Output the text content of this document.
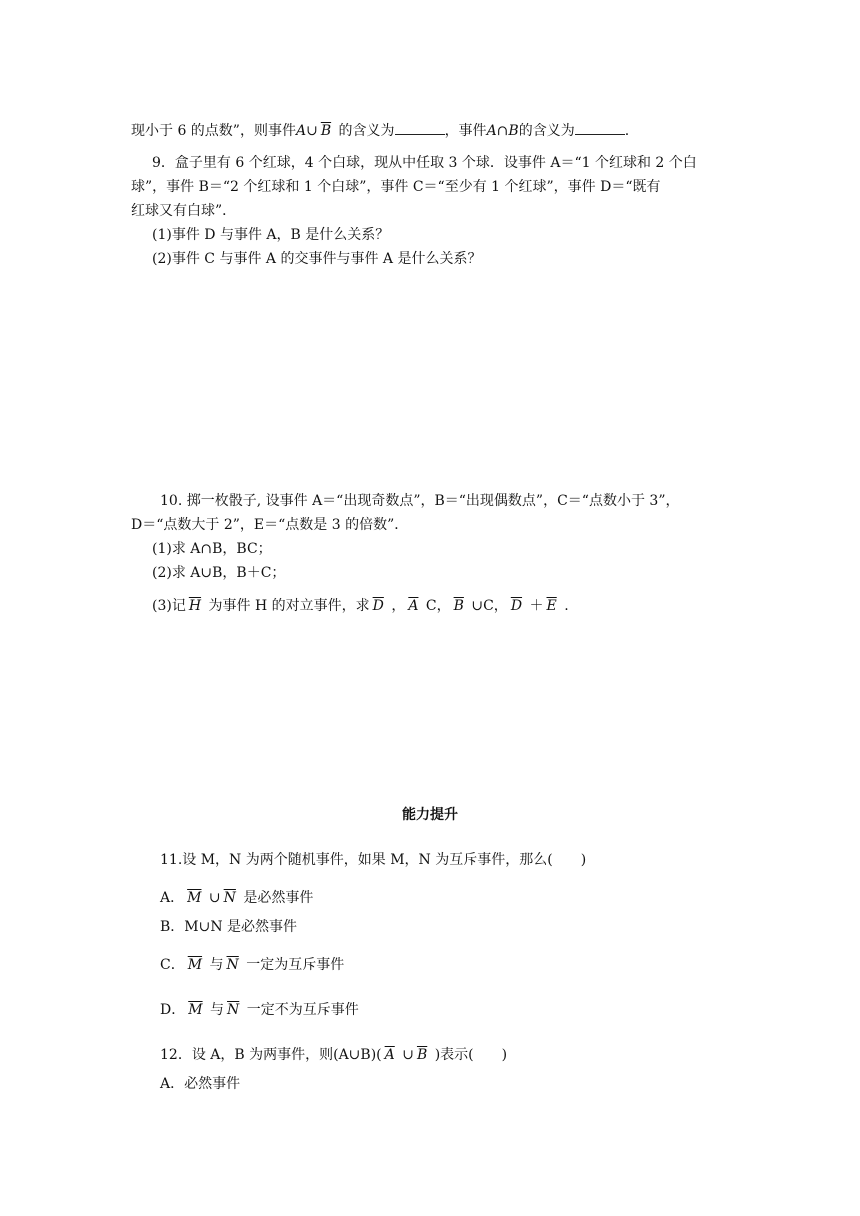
现小于 6 的点数”，则事件A∪ $\overline{B}$ 的含义为	，事件A∩B的含义为	.
9．盒子里有 6 个红球，4 个白球，现从中任取 3 个球．设事件 A＝“1 个红球和 2 个白
球”，事件 B＝“2 个红球和 1 个白球”，事件 C＝“至少有 1 个红球”，事件 D＝“既有
红球又有白球”．
(1)事件 D 与事件 A，B 是什么关系？
(2)事件 C 与事件 A 的交事件与事件 A 是什么关系？
10. 掷一枚骰子, 设事件 A＝“出现奇数点”，B＝“出现偶数点”，C＝“点数小于 3”，
D＝“点数大于 2”，E＝“点数是 3 的倍数”．
(1)求 A∩B，BC；
(2)求 A∪B，B＋C；
(3)记 $\overline{H}$ 为事件 H 的对立事件，求 $\overline{D}$ ， $\overline{A}$ C， $\overline{B}$ ∪C， $\overline{D} + \overline{E}$ .
能力提升
11.设 M，N 为两个随机事件，如果 M，N 为互斥事件，那么( )
A． $\overline{M}$ ∪ $\overline{N}$ 是必然事件
B．M∪N 是必然事件
C． $\overline{M}$ 与 $\overline{N}$ 一定为互斥事件
D． $\overline{M}$ 与 $\overline{N}$ 一定不为互斥事件
12．设 A，B 为两事件，则(A∪B)( $\overline{A}$ ∪ $\overline{B}$ )表示( )
A．必然事件
